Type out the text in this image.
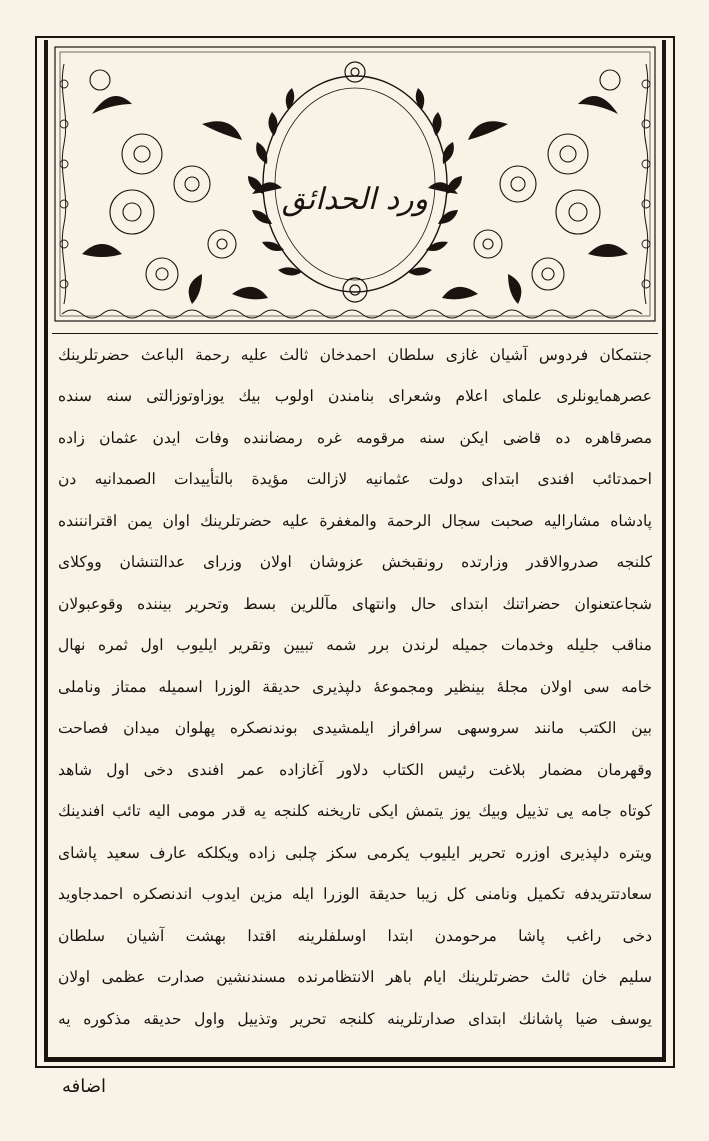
ورد الحدائق
جنتمكان فردوس آشیان غازی سلطان احمدخان ثالث علیه رحمة الباعث حضرتلرینك
عصرهمایونلری علمای اعلام وشعرای بنامندن اولوب بیك یوزاوتوزالتی سنه سنده
مصرقاهره ده قاضی ایکن سنه مرقومه غره رمضاننده وفات ایدن عثمان زاده
احمدتائب افندی ابتدای دولت عثمانیه لازالت مؤیدة بالتأییدات الصمدانیه دن
پادشاه مشارالیه صحبت سجال الرحمة والمغفرة علیه حضرتلرینك اوان یمن اقترانننده
کلنجه صدروالاقدر وزارتده رونقبخش عزوشان اولان وزرای عدالتنشان ووکلای
شجاعتعنوان حضراتنك ابتدای حال وانتهای مآللرین بسط وتحریر بیننده وقوعبولان
مناقب جلیله وخدمات جمیله لرندن برر شمه تبیین وتقریر ایلیوب اول ثمره نهال
خامه سی اولان مجلهٔ بینظیر ومجموعهٔ دلپذیری حدیقة الوزرا اسمیله ممتاز وناملی
بین الکتب مانند سروسهی سرافراز ایلمشیدی بوندنصکره پهلوان میدان فصاحت
وقهرمان مضمار بلاغت رئیس الکتاب دلاور آغازاده عمر افندی دخی اول شاهد
کوتاه جامه یی تذییل وبیك یوز یتمش ایکی تاریخنه کلنجه یه قدر مومی الیه تائب افندینك
ویتره دلپذیری اوزره تحریر ایلیوب یکرمی سکز چلبی زاده ویکلکه عارف سعید پاشای
سعادتتریدفه تکمیل ونامنی کل زیبا حدیقة الوزرا ایله مزین ایدوب اندنصکره احمدجاوید
دخی راغب پاشا مرحومدن ابتدا اوسلفلرینه اقتدا بهشت آشیان سلطان
سلیم خان ثالث حضرتلرینك ایام باهر الانتظامرنده مسندنشین صدارت عظمی اولان
یوسف ضیا پاشانك ابتدای صدارتلرینه کلنجه تحریر وتذییل واول حدیقه مذکوره یه
اضافه
